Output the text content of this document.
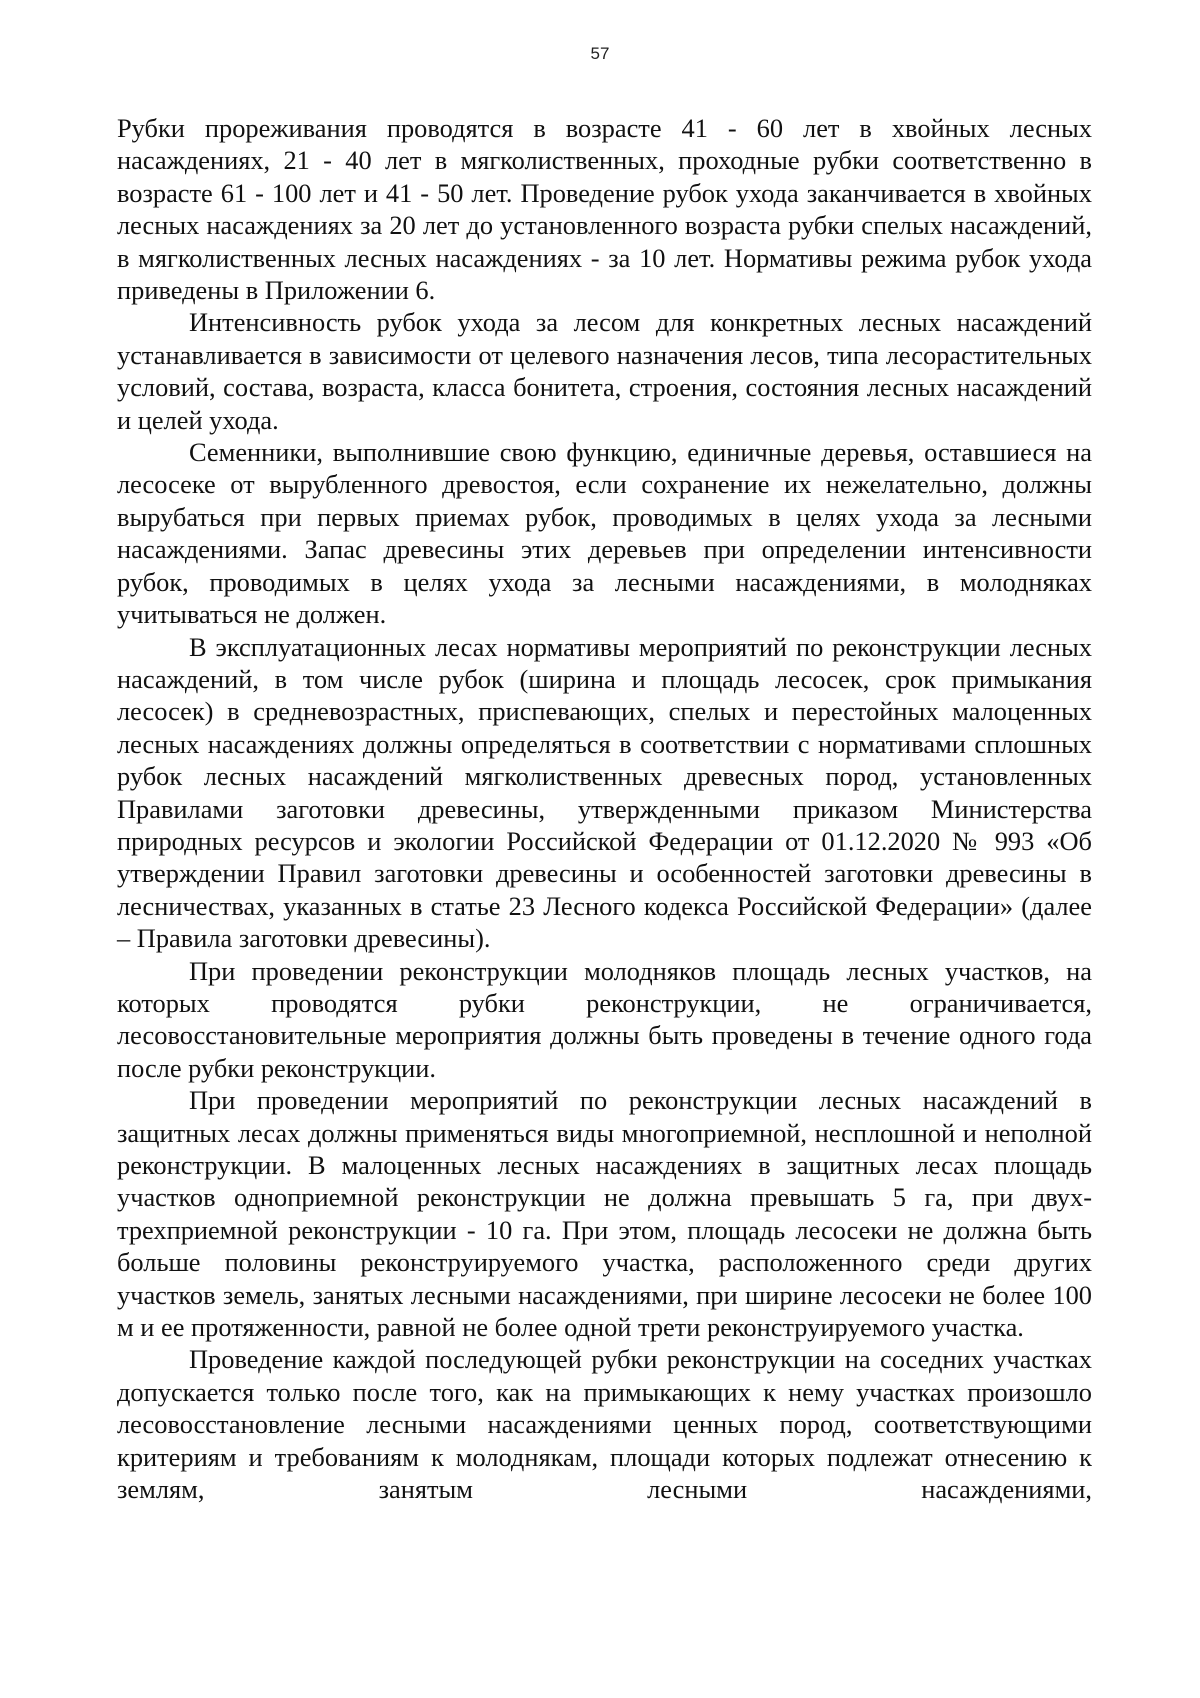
57

Рубки прореживания проводятся в возрасте 41 - 60 лет в хвойных лесных насаждениях, 21 - 40 лет в мягколиственных, проходные рубки соответственно в возрасте 61 - 100 лет и 41 - 50 лет. Проведение рубок ухода заканчивается в хвойных лесных насаждениях за 20 лет до установленного возраста рубки спелых насаждений, в мягколиственных лесных насаждениях - за 10 лет. Нормативы режима рубок ухода приведены в Приложении 6.

Интенсивность рубок ухода за лесом для конкретных лесных насаждений устанавливается в зависимости от целевого назначения лесов, типа лесорастительных условий, состава, возраста, класса бонитета, строения, состояния лесных насаждений и целей ухода.

Семенники, выполнившие свою функцию, единичные деревья, оставшиеся на лесосеке от вырубленного древостоя, если сохранение их нежелательно, должны вырубаться при первых приемах рубок, проводимых в целях ухода за лесными насаждениями. Запас древесины этих деревьев при определении интенсивности рубок, проводимых в целях ухода за лесными насаждениями, в молодняках учитываться не должен.

В эксплуатационных лесах нормативы мероприятий по реконструкции лесных насаждений, в том числе рубок (ширина и площадь лесосек, срок примыкания лесосек) в средневозрастных, приспевающих, спелых и перестойных малоценных лесных насаждениях должны определяться в соответствии с нормативами сплошных рубок лесных насаждений мягколиственных древесных пород, установленных Правилами заготовки древесины, утвержденными приказом Министерства природных ресурсов и экологии Российской Федерации от 01.12.2020 № 993 «Об утверждении Правил заготовки древесины и особенностей заготовки древесины в лесничествах, указанных в статье 23 Лесного кодекса Российской Федерации» (далее – Правила заготовки древесины).

При проведении реконструкции молодняков площадь лесных участков, на которых проводятся рубки реконструкции, не ограничивается, лесовосстановительные мероприятия должны быть проведены в течение одного года после рубки реконструкции.

При проведении мероприятий по реконструкции лесных насаждений в защитных лесах должны применяться виды многоприемной, несплошной и неполной реконструкции. В малоценных лесных насаждениях в защитных лесах площадь участков одноприемной реконструкции не должна превышать 5 га, при двух-трехприемной реконструкции - 10 га. При этом, площадь лесосеки не должна быть больше половины реконструируемого участка, расположенного среди других участков земель, занятых лесными насаждениями, при ширине лесосеки не более 100 м и ее протяженности, равной не более одной трети реконструируемого участка.

Проведение каждой последующей рубки реконструкции на соседних участках допускается только после того, как на примыкающих к нему участках произошло лесовосстановление лесными насаждениями ценных пород, соответствующими критериям и требованиям к молоднякам, площади которых подлежат отнесению к землям, занятым лесными насаждениями,
